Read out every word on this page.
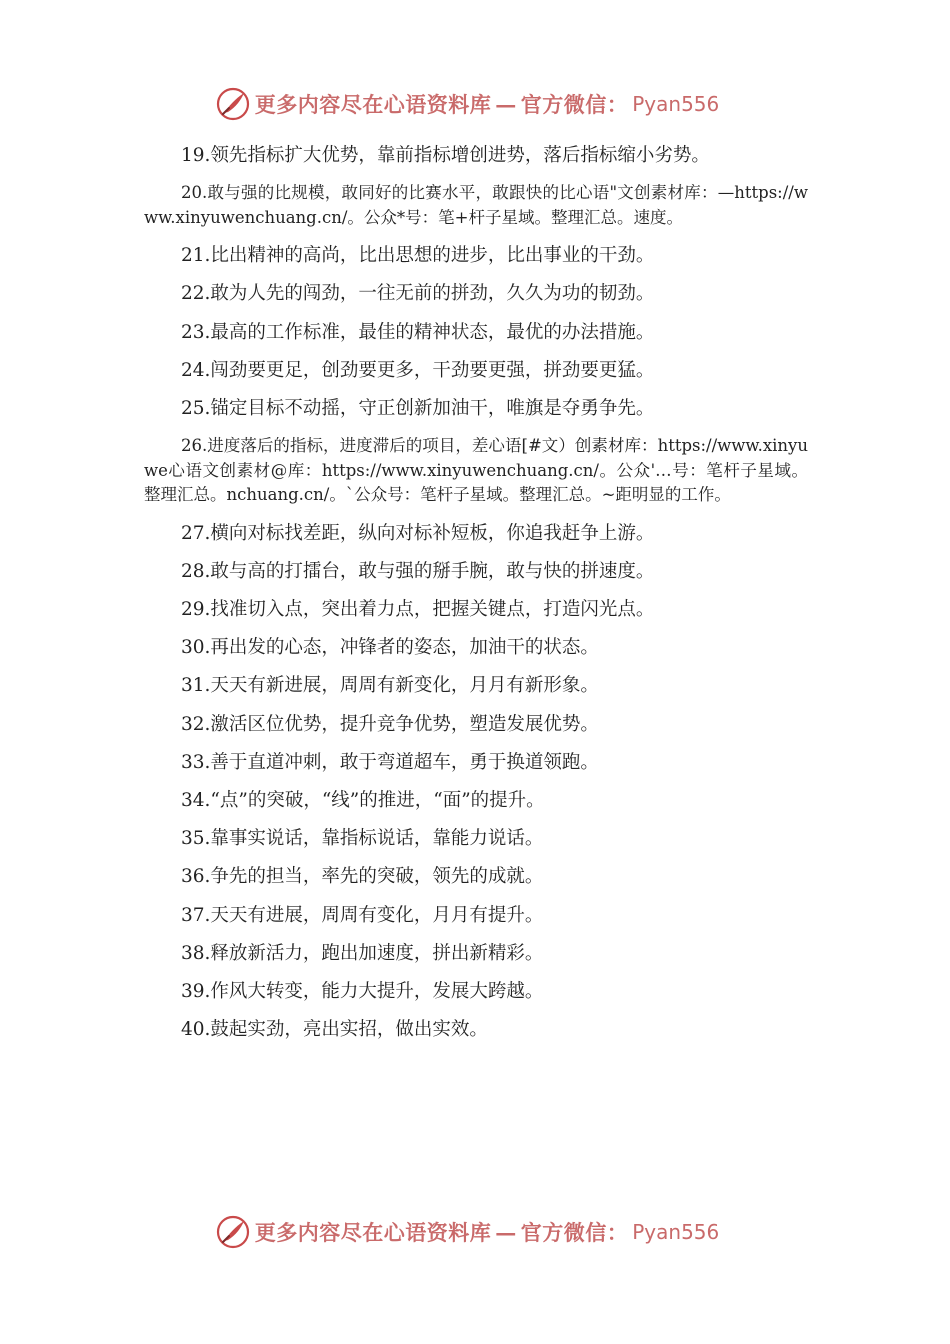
更多内容尽在心语资料库 — 官方微信： Pyan556

19.领先指标扩大优势，靠前指标增创进势，落后指标缩小劣势。

20.敢与强的比规模，敢同好的比赛水平，敢跟快的比心语"文创素材库：—https://www.xinyuwenchuang.cn/。公众*号：笔+杆子星域。整理汇总。速度。

21.比出精神的高尚，比出思想的进步，比出事业的干劲。

22.敢为人先的闯劲，一往无前的拼劲，久久为功的韧劲。

23.最高的工作标准，最佳的精神状态，最优的办法措施。

24.闯劲要更足，创劲要更多，干劲要更强，拼劲要更猛。

25.锚定目标不动摇，守正创新加油干，唯旗是夺勇争先。

26.进度落后的指标，进度滞后的项目，差心语[#文）创素材库：https://www.xinyuwe心语文创素材@库：https://www.xinyuwenchuang.cn/。公众'…号：笔杆子星域。整理汇总。nchuang.cn/。`公众号：笔杆子星域。整理汇总。~距明显的工作。

27.横向对标找差距，纵向对标补短板，你追我赶争上游。

28.敢与高的打擂台，敢与强的掰手腕，敢与快的拼速度。

29.找准切入点，突出着力点，把握关键点，打造闪光点。

30.再出发的心态，冲锋者的姿态，加油干的状态。

31.天天有新进展，周周有新变化，月月有新形象。

32.激活区位优势，提升竞争优势，塑造发展优势。

33.善于直道冲刺，敢于弯道超车，勇于换道领跑。

34.“点”的突破，“线”的推进，“面”的提升。

35.靠事实说话，靠指标说话，靠能力说话。

36.争先的担当，率先的突破，领先的成就。

37.天天有进展，周周有变化，月月有提升。

38.释放新活力，跑出加速度，拼出新精彩。

39.作风大转变，能力大提升，发展大跨越。

40.鼓起实劲，亮出实招，做出实效。

更多内容尽在心语资料库 — 官方微信： Pyan556
